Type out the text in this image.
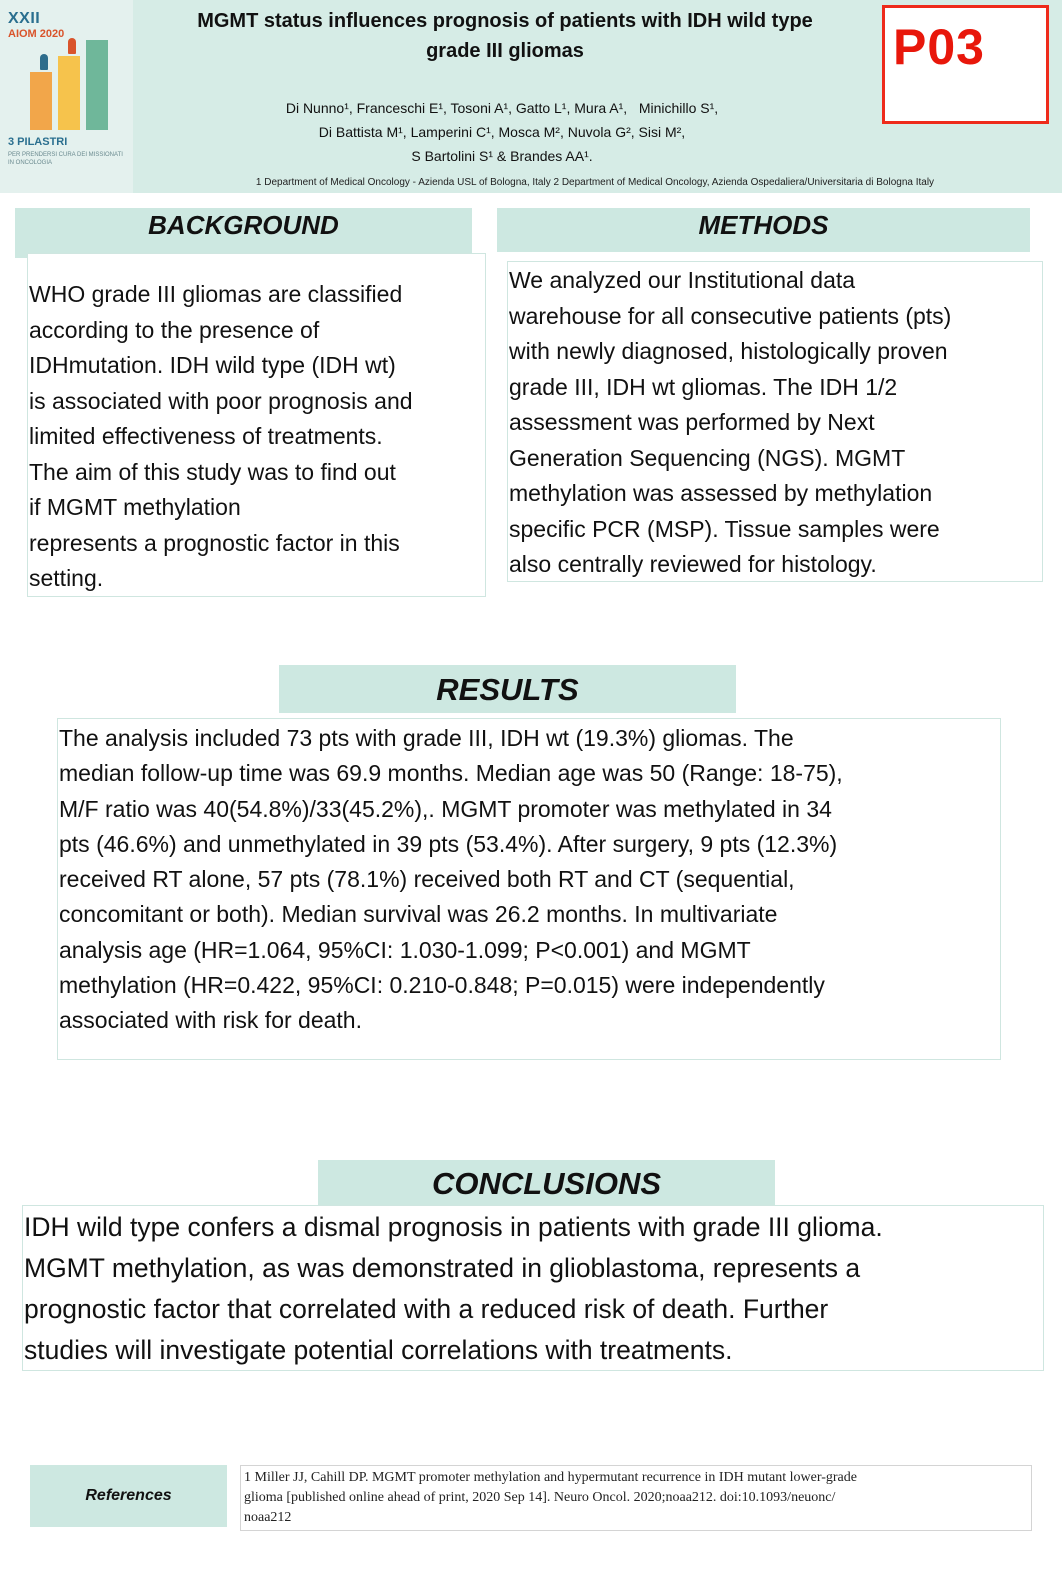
XXII
AIOM 2020
3 PILASTRI
PER PRENDERSI CURA DEI MISSIONATI IN ONCOLOGIA
MGMT status influences prognosis of patients with IDH wild type
grade III gliomas
Di Nunno¹, Franceschi E¹, Tosoni A¹, Gatto L¹, Mura A¹,   Minichillo S¹,
Di Battista M¹, Lamperini C¹, Mosca M², Nuvola G², Sisi M²,
S Bartolini S¹ & Brandes AA¹.
1 Department of Medical Oncology - Azienda USL of Bologna, Italy 2 Department of Medical Oncology, Azienda Ospedaliera/Universitaria di Bologna Italy
P03
BACKGROUND
WHO grade III gliomas are classified
according to the presence of
IDHmutation. IDH wild type (IDH wt)
is associated with poor prognosis and
limited effectiveness of treatments.
The aim of this study was to find out
if MGMT methylation
represents a prognostic factor in this
setting.
METHODS
We analyzed our Institutional data
warehouse for all consecutive patients (pts)
with newly diagnosed, histologically proven
grade III, IDH wt gliomas. The IDH 1/2
assessment was performed by Next
Generation Sequencing (NGS). MGMT
methylation was assessed by methylation
specific PCR (MSP). Tissue samples were
also centrally reviewed for histology.
RESULTS
The analysis included 73 pts with grade III, IDH wt (19.3%) gliomas. The
median follow-up time was 69.9 months. Median age was 50 (Range: 18-75),
M/F ratio was 40(54.8%)/33(45.2%),. MGMT promoter was methylated in 34
pts (46.6%) and unmethylated in 39 pts (53.4%). After surgery, 9 pts (12.3%)
received RT alone, 57 pts (78.1%) received both RT and CT (sequential,
concomitant or both). Median survival was 26.2 months. In multivariate
analysis age (HR=1.064, 95%CI: 1.030-1.099; P<0.001) and MGMT
methylation (HR=0.422, 95%CI: 0.210-0.848; P=0.015) were independently
associated with risk for death.
CONCLUSIONS
IDH wild type confers a dismal prognosis in patients with grade III glioma.
MGMT methylation, as was demonstrated in glioblastoma, represents a
prognostic factor that correlated with a reduced risk of death. Further
studies will investigate potential correlations with treatments.
References
1 Miller JJ, Cahill DP. MGMT promoter methylation and hypermutant recurrence in IDH mutant lower-grade
glioma [published online ahead of print, 2020 Sep 14]. Neuro Oncol. 2020;noaa212. doi:10.1093/neuonc/
noaa212
